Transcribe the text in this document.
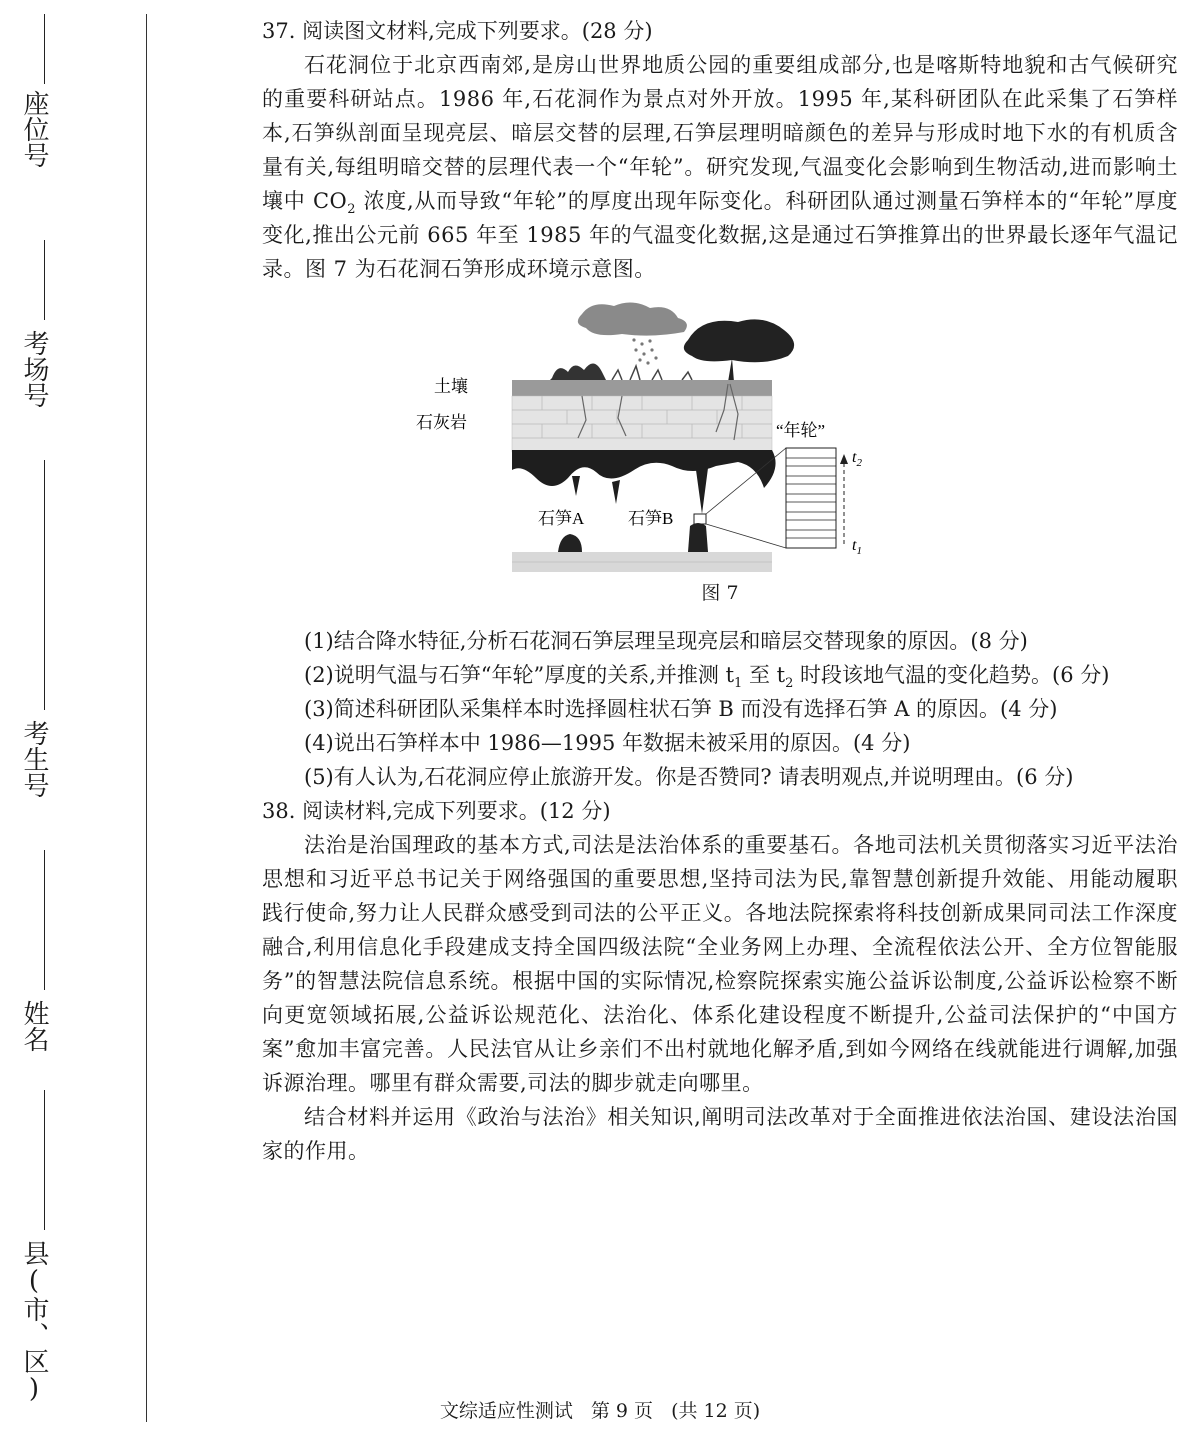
座位号
考场号
考生号
姓名
县(市、区)

37. 阅读图文材料,完成下列要求。(28 分)

石花洞位于北京西南郊,是房山世界地质公园的重要组成部分,也是喀斯特地貌和古气候研究的重要科研站点。1986 年,石花洞作为景点对外开放。1995 年,某科研团队在此采集了石笋样本,石笋纵剖面呈现亮层、暗层交替的层理,石笋层理明暗颜色的差异与形成时地下水的有机质含量有关,每组明暗交替的层理代表一个“年轮”。研究发现,气温变化会影响到生物活动,进而影响土壤中 $CO_2$ 浓度,从而导致“年轮”的厚度出现年际变化。科研团队通过测量石笋样本的“年轮”厚度变化,推出公元前 665 年至 1985 年的气温变化数据,这是通过石笋推算出的世界最长逐年气温记录。图 7 为石花洞石笋形成环境示意图。

土壤
石灰岩	“年轮”
石笋A	石笋B
$t_2$
$t_1$
图 7

(1)结合降水特征,分析石花洞石笋层理呈现亮层和暗层交替现象的原因。(8 分)

(2)说明气温与石笋“年轮”厚度的关系,并推测 $t_1$ 至 $t_2$ 时段该地气温的变化趋势。(6 分)

(3)简述科研团队采集样本时选择圆柱状石笋 B 而没有选择石笋 A 的原因。(4 分)

(4)说出石笋样本中 1986—1995 年数据未被采用的原因。(4 分)

(5)有人认为,石花洞应停止旅游开发。你是否赞同? 请表明观点,并说明理由。(6 分)

38. 阅读材料,完成下列要求。(12 分)

法治是治国理政的基本方式,司法是法治体系的重要基石。各地司法机关贯彻落实习近平法治思想和习近平总书记关于网络强国的重要思想,坚持司法为民,靠智慧创新提升效能、用能动履职践行使命,努力让人民群众感受到司法的公平正义。各地法院探索将科技创新成果同司法工作深度融合,利用信息化手段建成支持全国四级法院“全业务网上办理、全流程依法公开、全方位智能服务”的智慧法院信息系统。根据中国的实际情况,检察院探索实施公益诉讼制度,公益诉讼检察不断向更宽领域拓展,公益诉讼规范化、法治化、体系化建设程度不断提升,公益司法保护的“中国方案”愈加丰富完善。人民法官从让乡亲们不出村就地化解矛盾,到如今网络在线就能进行调解,加强诉源治理。哪里有群众需要,司法的脚步就走向哪里。

结合材料并运用《政治与法治》相关知识,阐明司法改革对于全面推进依法治国、建设法治国家的作用。

文综适应性测试 第 9 页 (共 12 页)
